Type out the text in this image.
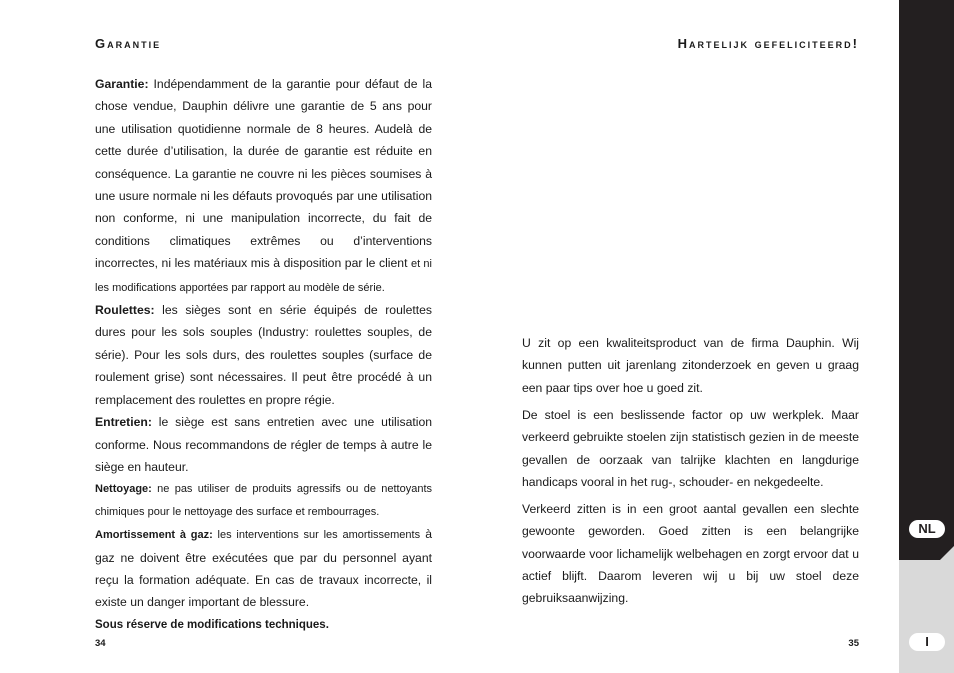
Garantie

Garantie: Indépendamment de la garantie pour défaut de la chose vendue, Dauphin délivre une garantie de 5 ans pour une utilisation quotidienne normale de 8 heures. Audelà de cette durée d’utilisation, la durée de garantie est réduite en conséquence. La garantie ne couvre ni les pièces soumises à une usure normale ni les défauts provoqués par une utilisation non conforme, ni une manipulation incorrecte, du fait de conditions climatiques extrêmes ou d’interventions incorrectes, ni les matériaux mis à disposition par le client et ni les modifications apportées par rapport au modèle de série.

Roulettes: les sièges sont en série équipés de roulettes dures pour les sols souples (Industry: roulettes souples, de série). Pour les sols durs, des roulettes souples (surface de roulement grise) sont nécessaires. Il peut être procédé à un remplacement des roulettes en propre régie.

Entretien: le siège est sans entretien avec une utilisation conforme. Nous recommandons de régler de temps à autre le siège en hauteur.

Nettoyage: ne pas utiliser de produits agressifs ou de nettoyants chimiques pour le nettoyage des surface et rembourrages.

Amortissement à gaz: les interventions sur les amortissements à gaz ne doivent être exécutées que par du personnel ayant reçu la formation adéquate. En cas de travaux incorrecte, il existe un danger important de blessure.

Sous réserve de modifications techniques.

34
Hartelijk gefeliciteerd!

U zit op een kwaliteitsproduct van de firma Dauphin. Wij kunnen putten uit jarenlang zitonderzoek en geven u graag een paar tips over hoe u goed zit.

De stoel is een beslissende factor op uw werkplek. Maar verkeerd gebruikte stoelen zijn statistisch gezien in de meeste gevallen de oorzaak van talrijke klachten en langdurige handicaps vooral in het rug-, schouder- en nekgedeelte.

Verkeerd zitten is in een groot aantal gevallen een slechte gewoonte geworden. Goed zitten is een belangrijke voorwaarde voor lichamelijk welbehagen en zorgt ervoor dat u actief blijft. Daarom leveren wij u bij uw stoel deze gebruiksaanwijzing.

35
NL
I
